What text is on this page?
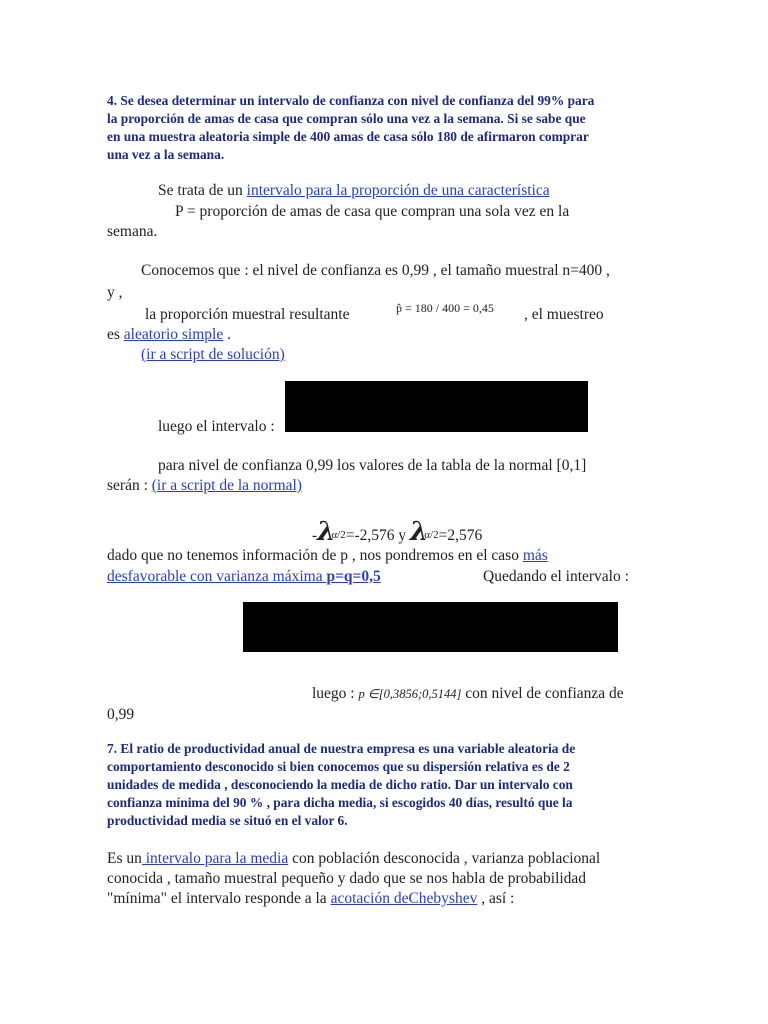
4. Se desea determinar un intervalo de confianza con nivel de confianza del 99% para
la proporción de amas de casa que compran sólo una vez a la semana. Si se sabe que
en una muestra aleatoria simple de 400 amas de casa sólo 180 de afirmaron comprar
una vez a la semana.
Se trata de un intervalo para la proporción de una característica
P = proporción de amas de casa que compran una sola vez en la
semana.
Conocemos que : el nivel de confianza es 0,99 , el tamaño muestral n=400 ,
y ,
la proporción muestral resultante	p̂ = 180 / 400 = 0,45 , el muestreo
es aleatorio simple .
(ir a script de solución)
luego el intervalo :
para nivel de confianza 0,99 los valores de la tabla de la normal [0,1]
serán : (ir a script de la normal)
-λα/2=-2,576 y λα/2=2,576
dado que no tenemos información de p , nos pondremos en el caso más
desfavorable con varianza máxima p=q=0,5	Quedando el intervalo :
luego : p ∈[0,3856;0,5144] con nivel de confianza de
0,99
7. El ratio de productividad anual de nuestra empresa es una variable aleatoria de
comportamiento desconocido si bien conocemos que su dispersión relativa es de 2
unidades de medida , desconociendo la media de dicho ratio. Dar un intervalo con
confianza mínima del 90 % , para dicha media, si escogidos 40 días, resultó que la
productividad media se situó en el valor 6.
Es un intervalo para la media con población desconocida , varianza poblacional
conocida , tamaño muestral pequeño y dado que se nos habla de probabilidad
"mínima" el intervalo responde a la acotación deChebyshev , así :
